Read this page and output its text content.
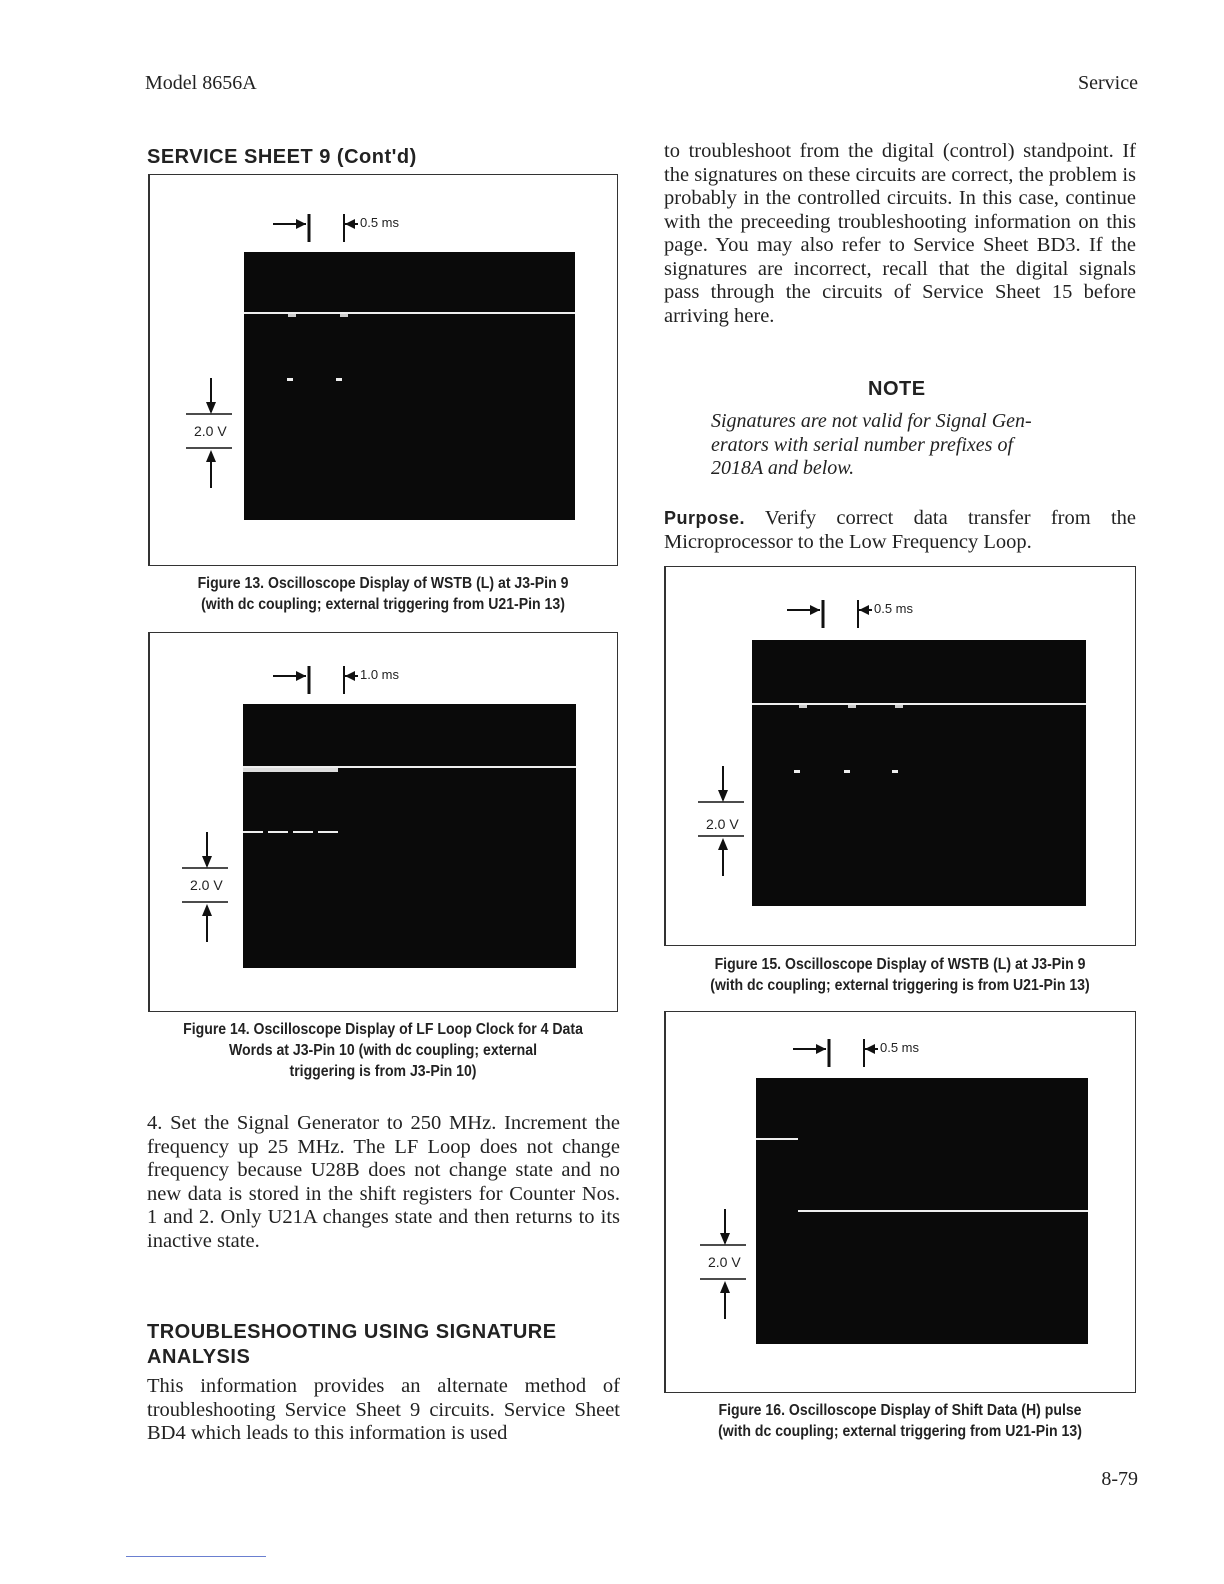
Model 8656A	Service
SERVICE SHEET 9 (Cont'd)
0.5 ms
2.0 V
Figure 13. Oscilloscope Display of WSTB (L) at J3-Pin 9
(with dc coupling; external triggering from U21-Pin 13)
1.0 ms
2.0 V
Figure 14. Oscilloscope Display of LF Loop Clock for 4 Data
Words at J3-Pin 10 (with dc coupling; external
triggering is from J3-Pin 10)
4. Set the Signal Generator to 250 MHz. Increment the frequency up 25 MHz. The LF Loop does not change frequency because U28B does not change state and no new data is stored in the shift registers for Counter Nos. 1 and 2. Only U21A changes state and then returns to its inactive state.
TROUBLESHOOTING USING SIGNATURE
ANALYSIS
This information provides an alternate method of troubleshooting Service Sheet 9 circuits. Service Sheet BD4 which leads to this information is used
to troubleshoot from the digital (control) standpoint. If the signatures on these circuits are correct, the problem is probably in the controlled circuits. In this case, continue with the preceeding troubleshooting information on this page. You may also refer to Service Sheet BD3. If the signatures are incorrect, recall that the digital signals pass through the circuits of Service Sheet 15 before arriving here.
NOTE
Signatures are not valid for Signal Gen-
erators with serial number prefixes of
2018A and below.
Purpose. Verify correct data transfer from the Microprocessor to the Low Frequency Loop.
0.5 ms
2.0 V
Figure 15. Oscilloscope Display of WSTB (L) at J3-Pin 9
(with dc coupling; external triggering is from U21-Pin 13)
0.5 ms
2.0 V
Figure 16. Oscilloscope Display of Shift Data (H) pulse
(with dc coupling; external triggering from U21-Pin 13)
8-79
